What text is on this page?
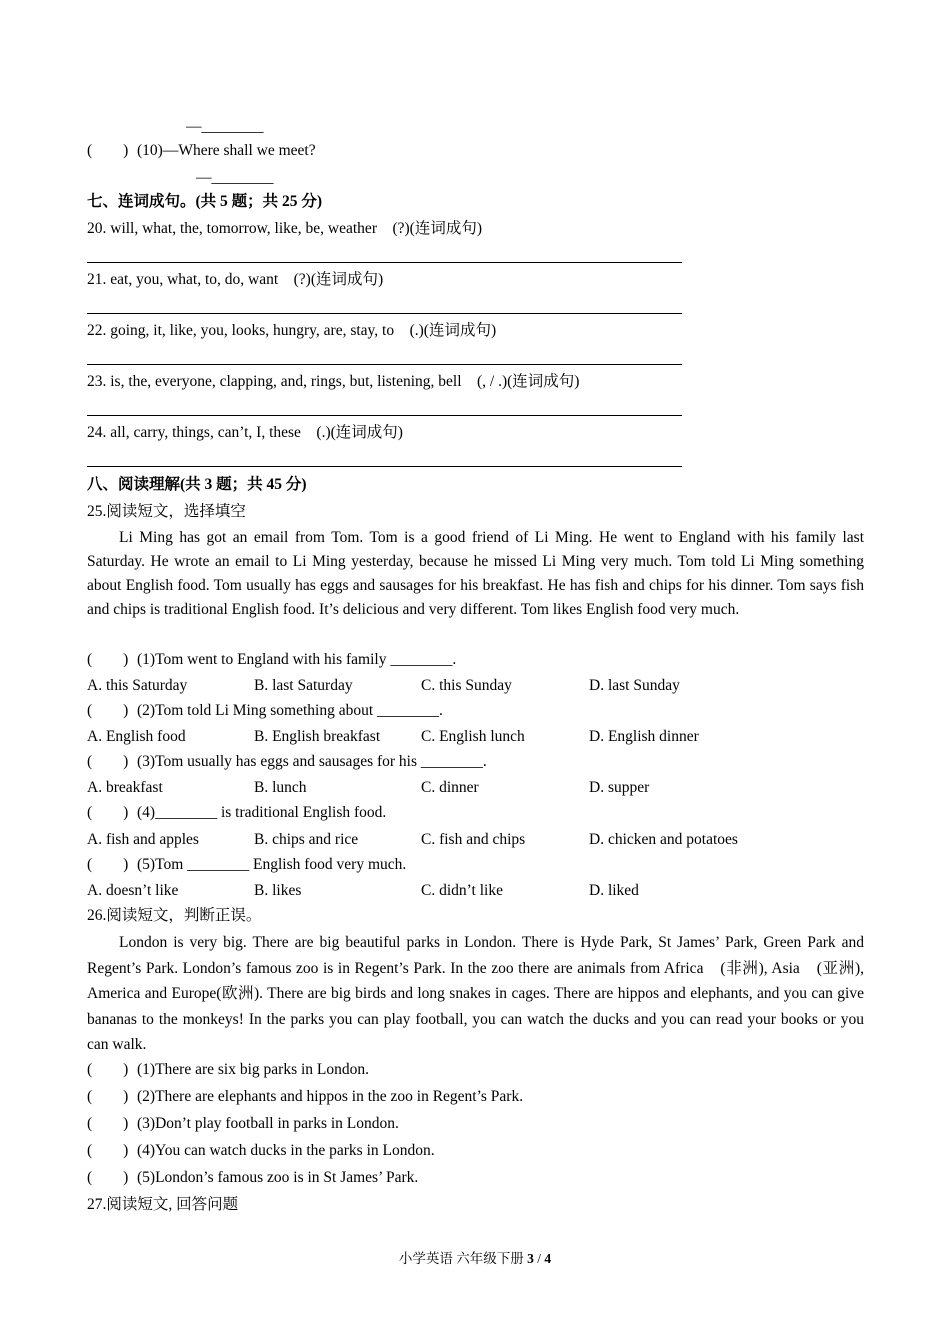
—________
(　　) (10)—Where shall we meet?
—________
七、连词成句。(共 5 题；共 25 分)
20. will, what, the, tomorrow, like, be, weather　(?)(连词成句)
21. eat, you, what, to, do, want　(?)(连词成句)
22. going, it, like, you, looks, hungry, are, stay, to　(.)(连词成句)
23. is, the, everyone, clapping, and, rings, but, listening, bell　(, / .)(连词成句)
24. all, carry, things, can’t, I, these　(.)(连词成句)
八、阅读理解(共 3 题；共 45 分)
25.阅读短文，选择填空
Li Ming has got an email from Tom. Tom is a good friend of Li Ming. He went to England with his family last Saturday. He wrote an email to Li Ming yesterday, because he missed Li Ming very much. Tom told Li Ming something about English food. Tom usually has eggs and sausages for his breakfast. He has fish and chips for his dinner. Tom says fish and chips is traditional English food. It’s delicious and very different. Tom likes English food very much.
(　　) (1)Tom went to England with his family ________.
A. this Saturday	B. last Saturday	C. this Sunday	D. last Sunday
(　　) (2)Tom told Li Ming something about ________.
A. English food	B. English breakfast	C. English lunch	D. English dinner
(　　) (3)Tom usually has eggs and sausages for his ________.
A. breakfast	B. lunch	C. dinner	D. supper
(　　) (4)________ is traditional English food.
A. fish and apples	B. chips and rice	C. fish and chips	D. chicken and potatoes
(　　) (5)Tom ________ English food very much.
A. doesn’t like	B. likes	C. didn’t like	D. liked
26.阅读短文，判断正误。
London is very big. There are big beautiful parks in London. There is Hyde Park, St James’ Park, Green Park and Regent’s Park. London’s famous zoo is in Regent’s Park. In the zoo there are animals from Africa　(非洲), Asia　(亚洲), America and Europe(欧洲). There are big birds and long snakes in cages. There are hippos and elephants, and you can give bananas to the monkeys! In the parks you can play football, you can watch the ducks and you can read your books or you can walk.
(　　) (1)There are six big parks in London.
(　　) (2)There are elephants and hippos in the zoo in Regent’s Park.
(　　) (3)Don’t play football in parks in London.
(　　) (4)You can watch ducks in the parks in London.
(　　) (5)London’s famous zoo is in St James’ Park.
27.阅读短文, 回答问题
小学英语 六年级下册 3 / 4
